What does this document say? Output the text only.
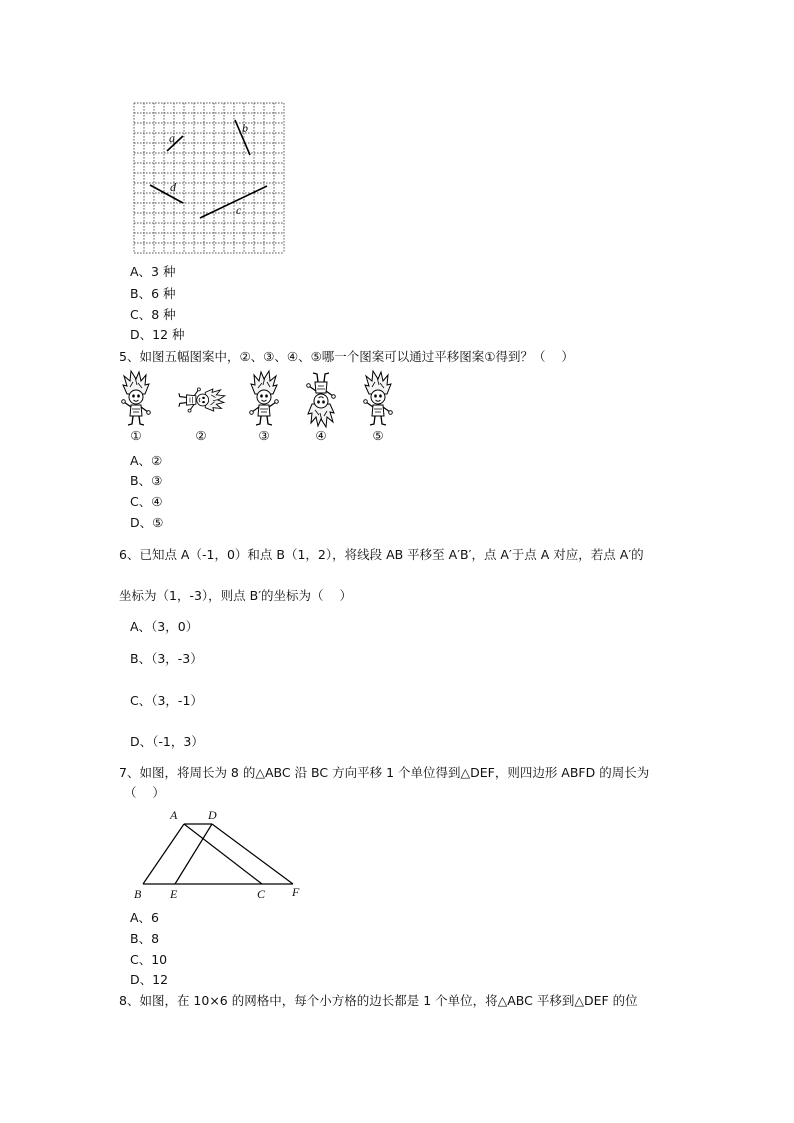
a
b
d
c
A、3 种
B、6 种
C、8 种
D、12 种
5、如图五幅图案中，②、③、④、⑤哪一个图案可以通过平移图案①得到？（    ）
①	②	③	④	⑤
A、②
B、③
C、④
D、⑤
6、已知点 A（-1，0）和点 B（1，2），将线段 AB 平移至 A′B′，点 A′于点 A 对应，若点 A′的
坐标为（1，-3），则点 B′的坐标为（    ）
A、（3，0）
B、（3，-3）
C、（3，-1）
D、（-1，3）
7、如图，将周长为 8 的△ABC 沿 BC 方向平移 1 个单位得到△DEF，则四边形 ABFD 的周长为
（    ）
A	D
B E	C F
A、6
B、8
C、10
D、12
8、如图，在 10×6 的网格中，每个小方格的边长都是 1 个单位，将△ABC 平移到△DEF 的位
